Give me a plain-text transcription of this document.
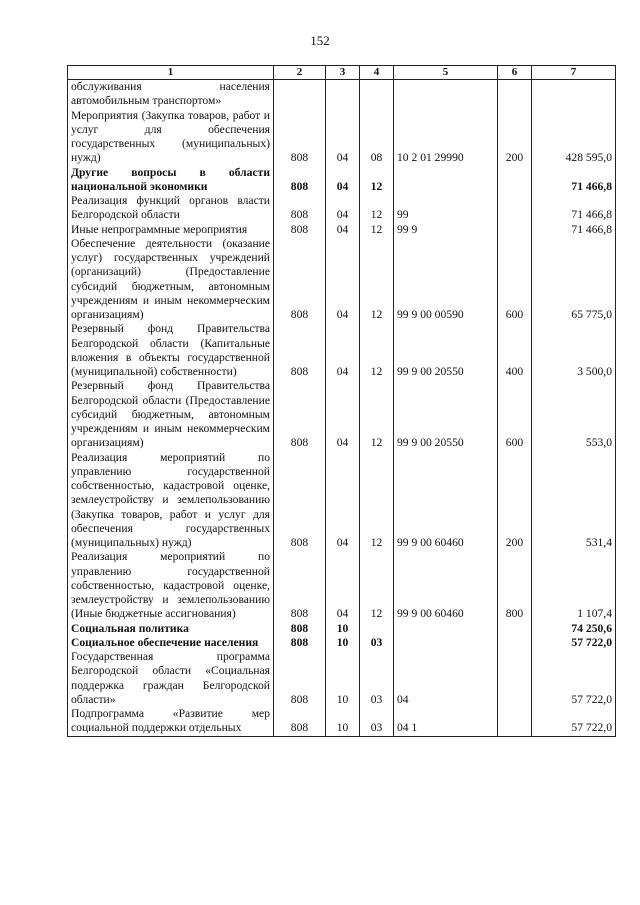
152
1	2	3	4	5	6	7
обслуживания населения автомобильным транспортом»						
Мероприятия (Закупка товаров, работ и услуг для обеспечения государственных (муниципальных) нужд)	808	04	08	10 2 01 29990	200	428 595,0
Другие вопросы в области национальной экономики	808	04	12			71 466,8
Реализация функций органов власти Белгородской области	808	04	12	99		71 466,8
Иные непрограммные мероприятия	808	04	12	99 9		71 466,8
Обеспечение деятельности (оказание услуг) государственных учреждений (организаций) (Предоставление субсидий бюджетным, автономным учреждениям и иным некоммерческим организациям)	808	04	12	99 9 00 00590	600	65 775,0
Резервный фонд Правительства Белгородской области (Капитальные вложения в объекты государственной (муниципальной) собственности)	808	04	12	99 9 00 20550	400	3 500,0
Резервный фонд Правительства Белгородской области (Предоставление субсидий бюджетным, автономным учреждениям и иным некоммерческим организациям)	808	04	12	99 9 00 20550	600	553,0
Реализация мероприятий по управлению государственной собственностью, кадастровой оценке, землеустройству и землепользованию (Закупка товаров, работ и услуг для обеспечения государственных (муниципальных) нужд)	808	04	12	99 9 00 60460	200	531,4
Реализация мероприятий по управлению государственной собственностью, кадастровой оценке, землеустройству и землепользованию (Иные бюджетные ассигнования)	808	04	12	99 9 00 60460	800	1 107,4
Социальная политика	808	10				74 250,6
Социальное обеспечение населения	808	10	03			57 722,0
Государственная программа Белгородской области «Социальная поддержка граждан Белгородской области»	808	10	03	04		57 722,0
Подпрограмма «Развитие мер социальной поддержки отдельных	808	10	03	04 1		57 722,0
